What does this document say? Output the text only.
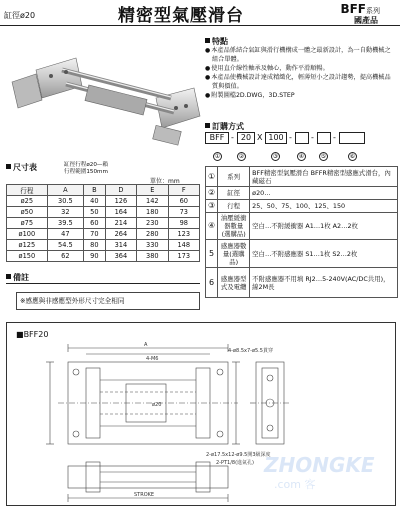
缸徑ø20	精密型氣壓滑台	BFF系列
國產品
特點
● 本產品係結合氣缸與滑行機構成一體之最新設計，為一自動機械之組合單體。
● 使用直介線性軸承及軸心，動作平滑順暢。
● 本產品使機械設計達成精緻化，輕薄短小之設計趨勢，提高機械品質與價值。
● 附製圖檔2D.DWG，3D.STEP
訂購方式
BFF - 20 X 100 - - -
①	②	③	④	⑤	⑥
①	系列	BFF精密型氣壓滑台 BFFR精密型感應式滑台，內藏磁石
②	缸徑	ø20…
③	行程	25、50、75、100、125、150
④	油壓緩衝器數量(選購品)	空白…不附緩衝器 A1…1枚 A2…2枚
5	感應器數量(選購品)	空白…不附感應器 S1…1枚 S2…2枚
6	感應器型式及電纜	不附感應器不用填 RJ2…5-240V(AC/DC共用)，線2M長
尺寸表	缸徑行程ø20—賴
行程範圍150mm
單位：mm
行程	A	B	D	E	F
ø25	30.5	40	126	142	60
ø50	32	50	164	180	73
ø75	39.5	60	214	230	98
ø100	47	70	264	280	123
ø125	54.5	80	314	330	148
ø150	62	90	364	380	173
備註
※感應與非感應型外形尺寸完全相同
■BFF20
4-ø8.5x7-ø5.5貫穿
2-ø17.5x12-ø9.5開3級深度
2-PT1/8(進氣孔)
A
4-M6
ø20
STROKE
ZHONGKE
.com 客
